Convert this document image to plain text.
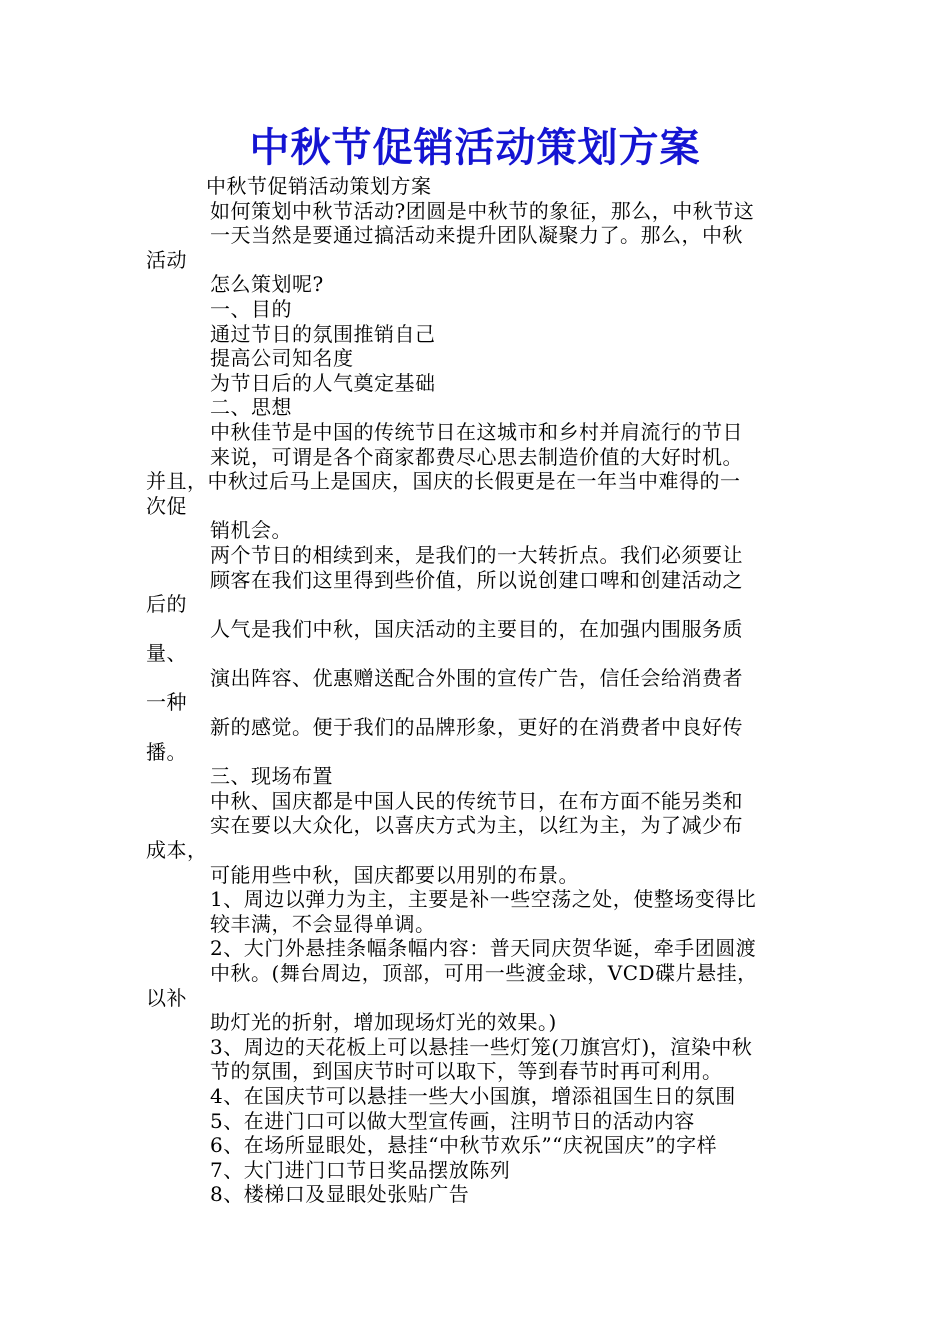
中秋节促销活动策划方案
中秋节促销活动策划方案
如何策划中秋节活动?团圆是中秋节的象征，那么，中秋节这
一天当然是要通过搞活动来提升团队凝聚力了。那么，中秋
活动
怎么策划呢?
一、目的
通过节日的氛围推销自己
提高公司知名度
为节日后的人气奠定基础
二、思想
中秋佳节是中国的传统节日在这城市和乡村并肩流行的节日
来说，可谓是各个商家都费尽心思去制造价值的大好时机。
并且，中秋过后马上是国庆，国庆的长假更是在一年当中难得的一
次促
销机会。
两个节日的相续到来，是我们的一大转折点。我们必须要让
顾客在我们这里得到些价值，所以说创建口啤和创建活动之
后的
人气是我们中秋，国庆活动的主要目的，在加强内围服务质
量、
演出阵容、优惠赠送配合外围的宣传广告，信任会给消费者
一种
新的感觉。便于我们的品牌形象，更好的在消费者中良好传
播。
三、现场布置
中秋、国庆都是中国人民的传统节日，在布方面不能另类和
实在要以大众化，以喜庆方式为主，以红为主，为了减少布
成本，
可能用些中秋，国庆都要以用别的布景。
1、周边以弹力为主，主要是补一些空荡之处，使整场变得比
较丰满，不会显得单调。
2、大门外悬挂条幅条幅内容：普天同庆贺华诞，牵手团圆渡
中秋。(舞台周边，顶部，可用一些渡金球，VCD碟片悬挂，
以补
助灯光的折射，增加现场灯光的效果。)
3、周边的天花板上可以悬挂一些灯笼(刀旗宫灯)，渲染中秋
节的氛围，到国庆节时可以取下，等到春节时再可利用。
4、在国庆节可以悬挂一些大小国旗，增添祖国生日的氛围
5、在进门口可以做大型宣传画，注明节日的活动内容
6、在场所显眼处，悬挂“中秋节欢乐”“庆祝国庆”的字样
7、大门进门口节日奖品摆放陈列
8、楼梯口及显眼处张贴广告
